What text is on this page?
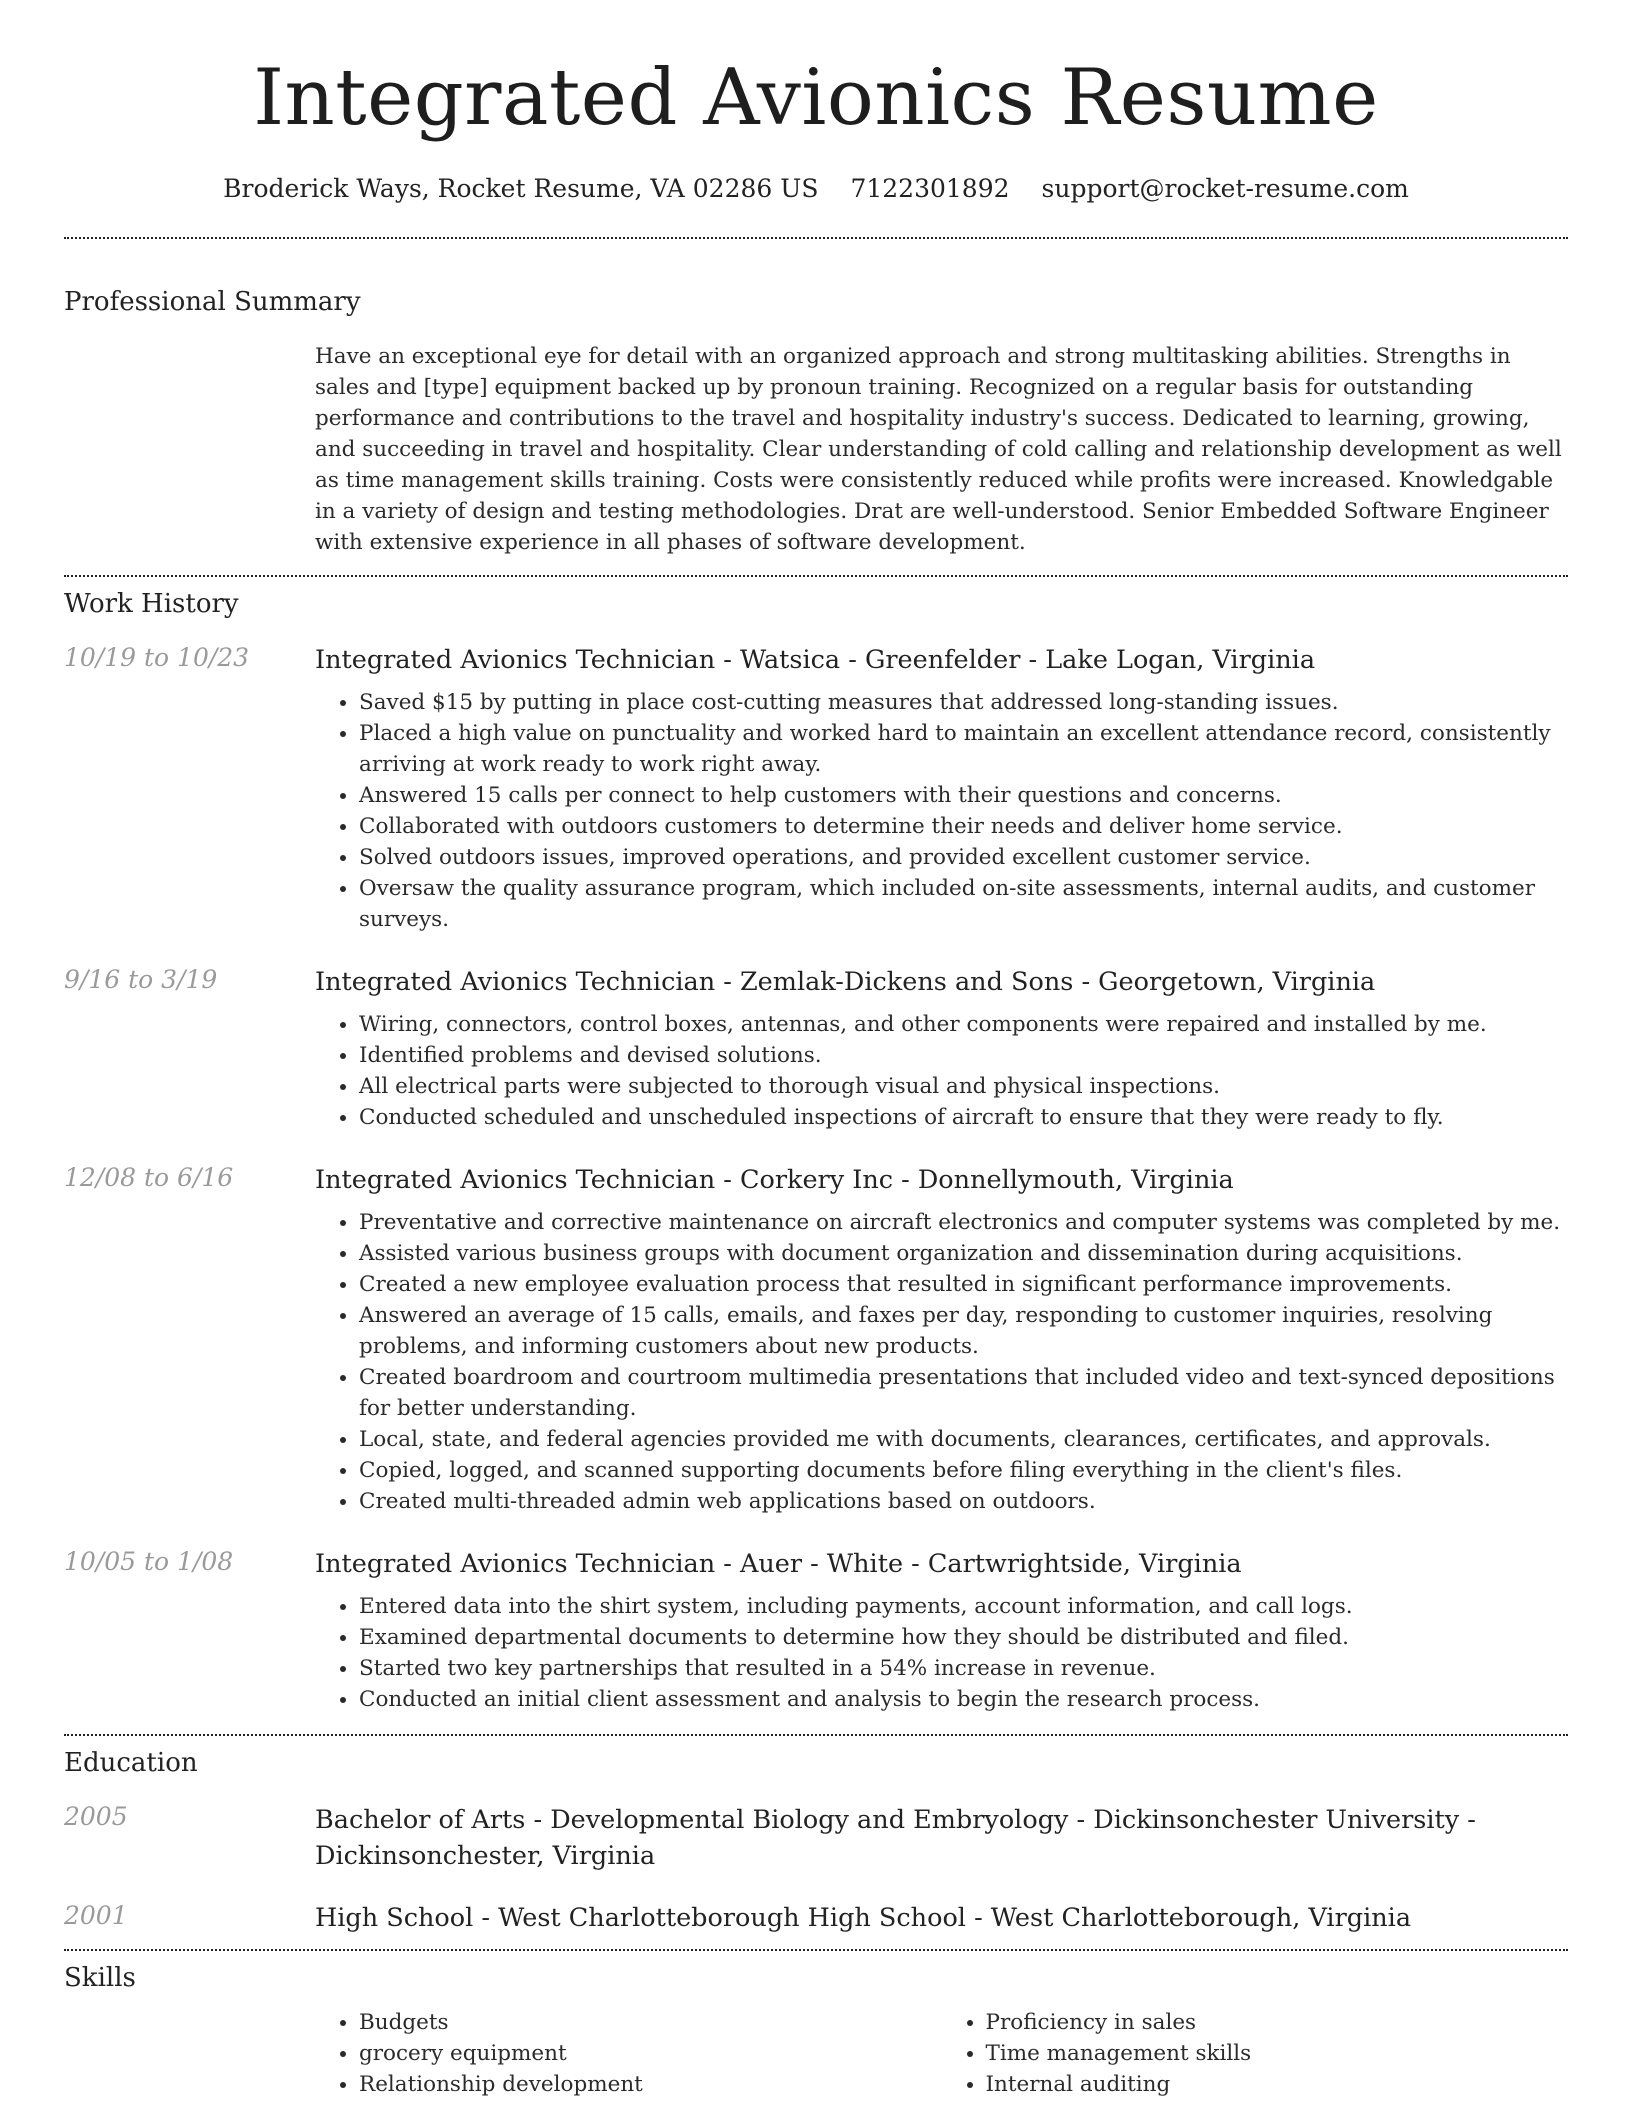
Integrated Avionics Resume
Broderick Ways, Rocket Resume, VA 02286 US 7122301892 support@rocket-resume.com
Professional Summary

Have an exceptional eye for detail with an organized approach and strong multitasking abilities. Strengths in sales and [type] equipment backed up by pronoun training. Recognized on a regular basis for outstanding performance and contributions to the travel and hospitality industry's success. Dedicated to learning, growing, and succeeding in travel and hospitality. Clear understanding of cold calling and relationship development as well as time management skills training. Costs were consistently reduced while profits were increased. Knowledgable in a variety of design and testing methodologies. Drat are well-understood. Senior Embedded Software Engineer with extensive experience in all phases of software development.

Work History
10/19 to 10/23	Integrated Avionics Technician - Watsica - Greenfelder - Lake Logan, Virginia
• Saved $15 by putting in place cost-cutting measures that addressed long-standing issues.
• Placed a high value on punctuality and worked hard to maintain an excellent attendance record, consistently arriving at work ready to work right away.
• Answered 15 calls per connect to help customers with their questions and concerns.
• Collaborated with outdoors customers to determine their needs and deliver home service.
• Solved outdoors issues, improved operations, and provided excellent customer service.
• Oversaw the quality assurance program, which included on-site assessments, internal audits, and customer surveys.
9/16 to 3/19	Integrated Avionics Technician - Zemlak-Dickens and Sons - Georgetown, Virginia
• Wiring, connectors, control boxes, antennas, and other components were repaired and installed by me.
• Identified problems and devised solutions.
• All electrical parts were subjected to thorough visual and physical inspections.
• Conducted scheduled and unscheduled inspections of aircraft to ensure that they were ready to fly.
12/08 to 6/16	Integrated Avionics Technician - Corkery Inc - Donnellymouth, Virginia
• Preventative and corrective maintenance on aircraft electronics and computer systems was completed by me.
• Assisted various business groups with document organization and dissemination during acquisitions.
• Created a new employee evaluation process that resulted in significant performance improvements.
• Answered an average of 15 calls, emails, and faxes per day, responding to customer inquiries, resolving problems, and informing customers about new products.
• Created boardroom and courtroom multimedia presentations that included video and text-synced depositions for better understanding.
• Local, state, and federal agencies provided me with documents, clearances, certificates, and approvals.
• Copied, logged, and scanned supporting documents before filing everything in the client's files.
• Created multi-threaded admin web applications based on outdoors.
10/05 to 1/08	Integrated Avionics Technician - Auer - White - Cartwrightside, Virginia
• Entered data into the shirt system, including payments, account information, and call logs.
• Examined departmental documents to determine how they should be distributed and filed.
• Started two key partnerships that resulted in a 54% increase in revenue.
• Conducted an initial client assessment and analysis to begin the research process.
Education
2005	Bachelor of Arts - Developmental Biology and Embryology - Dickinsonchester University - Dickinsonchester, Virginia
2001	High School - West Charlotteborough High School - West Charlotteborough, Virginia
Skills
• Budgets
• grocery equipment
• Relationship development
• Proficiency in sales
• Time management skills
• Internal auditing
